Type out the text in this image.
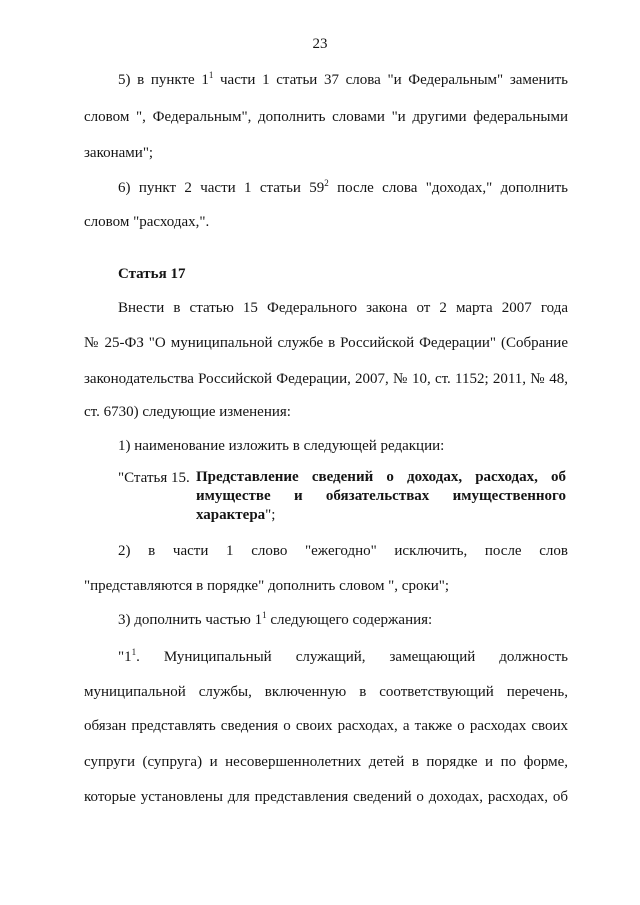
23
5) в пункте $1^1$ части 1 статьи 37 слова "и Федеральным" заменить
словом ", Федеральным", дополнить словами "и другими федеральными
законами";
6) пункт 2 части 1 статьи $59^2$ после слова "доходах," дополнить
словом "расходах,".
Статья 17
Внести в статью 15 Федерального закона от 2 марта 2007 года
№ 25-ФЗ "О муниципальной службе в Российской Федерации" (Собрание
законодательства Российской Федерации, 2007, № 10, ст. 1152; 2011, № 48,
ст. 6730) следующие изменения:
1) наименование изложить в следующей редакции:
"Статья 15. Представление сведений о доходах, расходах, об
имуществе и обязательствах имущественного
характера";
2) в части 1 слово "ежегодно" исключить, после слов
"представляются в порядке" дополнить словом ", сроки";
3) дополнить частью $1^1$ следующего содержания:
"$1^1$. Муниципальный служащий, замещающий должность
муниципальной службы, включенную в соответствующий перечень,
обязан представлять сведения о своих расходах, а также о расходах своих
супруги (супруга) и несовершеннолетних детей в порядке и по форме,
которые установлены для представления сведений о доходах, расходах, об
